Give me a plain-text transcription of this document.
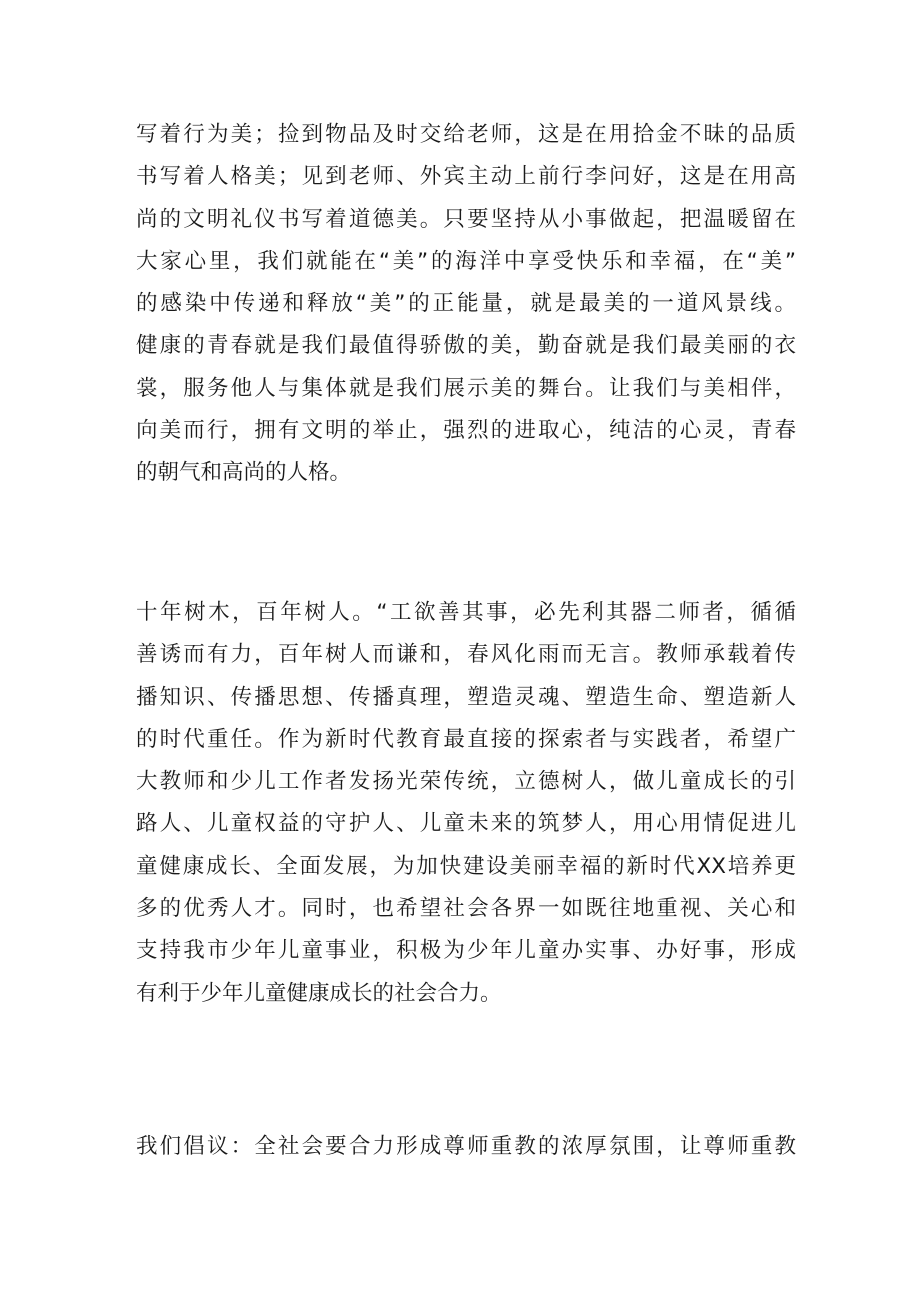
写着行为美；捡到物品及时交给老师，这是在用拾金不昧的品质
书写着人格美；见到老师、外宾主动上前行李问好，这是在用高
尚的文明礼仪书写着道德美。只要坚持从小事做起，把温暖留在
大家心里，我们就能在“美”的海洋中享受快乐和幸福，在“美”
的感染中传递和释放“美”的正能量，就是最美的一道风景线。
健康的青春就是我们最值得骄傲的美，勤奋就是我们最美丽的衣
裳，服务他人与集体就是我们展示美的舞台。让我们与美相伴，
向美而行，拥有文明的举止，强烈的进取心，纯洁的心灵，青春
的朝气和高尚的人格。
十年树木，百年树人。“工欲善其事，必先利其器二师者，循循
善诱而有力，百年树人而谦和，春风化雨而无言。教师承载着传
播知识、传播思想、传播真理，塑造灵魂、塑造生命、塑造新人
的时代重任。作为新时代教育最直接的探索者与实践者，希望广
大教师和少儿工作者发扬光荣传统，立德树人，做儿童成长的引
路人、儿童权益的守护人、儿童未来的筑梦人，用心用情促进儿
童健康成长、全面发展，为加快建设美丽幸福的新时代XX培养更
多的优秀人才。同时，也希望社会各界一如既往地重视、关心和
支持我市少年儿童事业，积极为少年儿童办实事、办好事，形成
有利于少年儿童健康成长的社会合力。
我们倡议：全社会要合力形成尊师重教的浓厚氛围，让尊师重教
